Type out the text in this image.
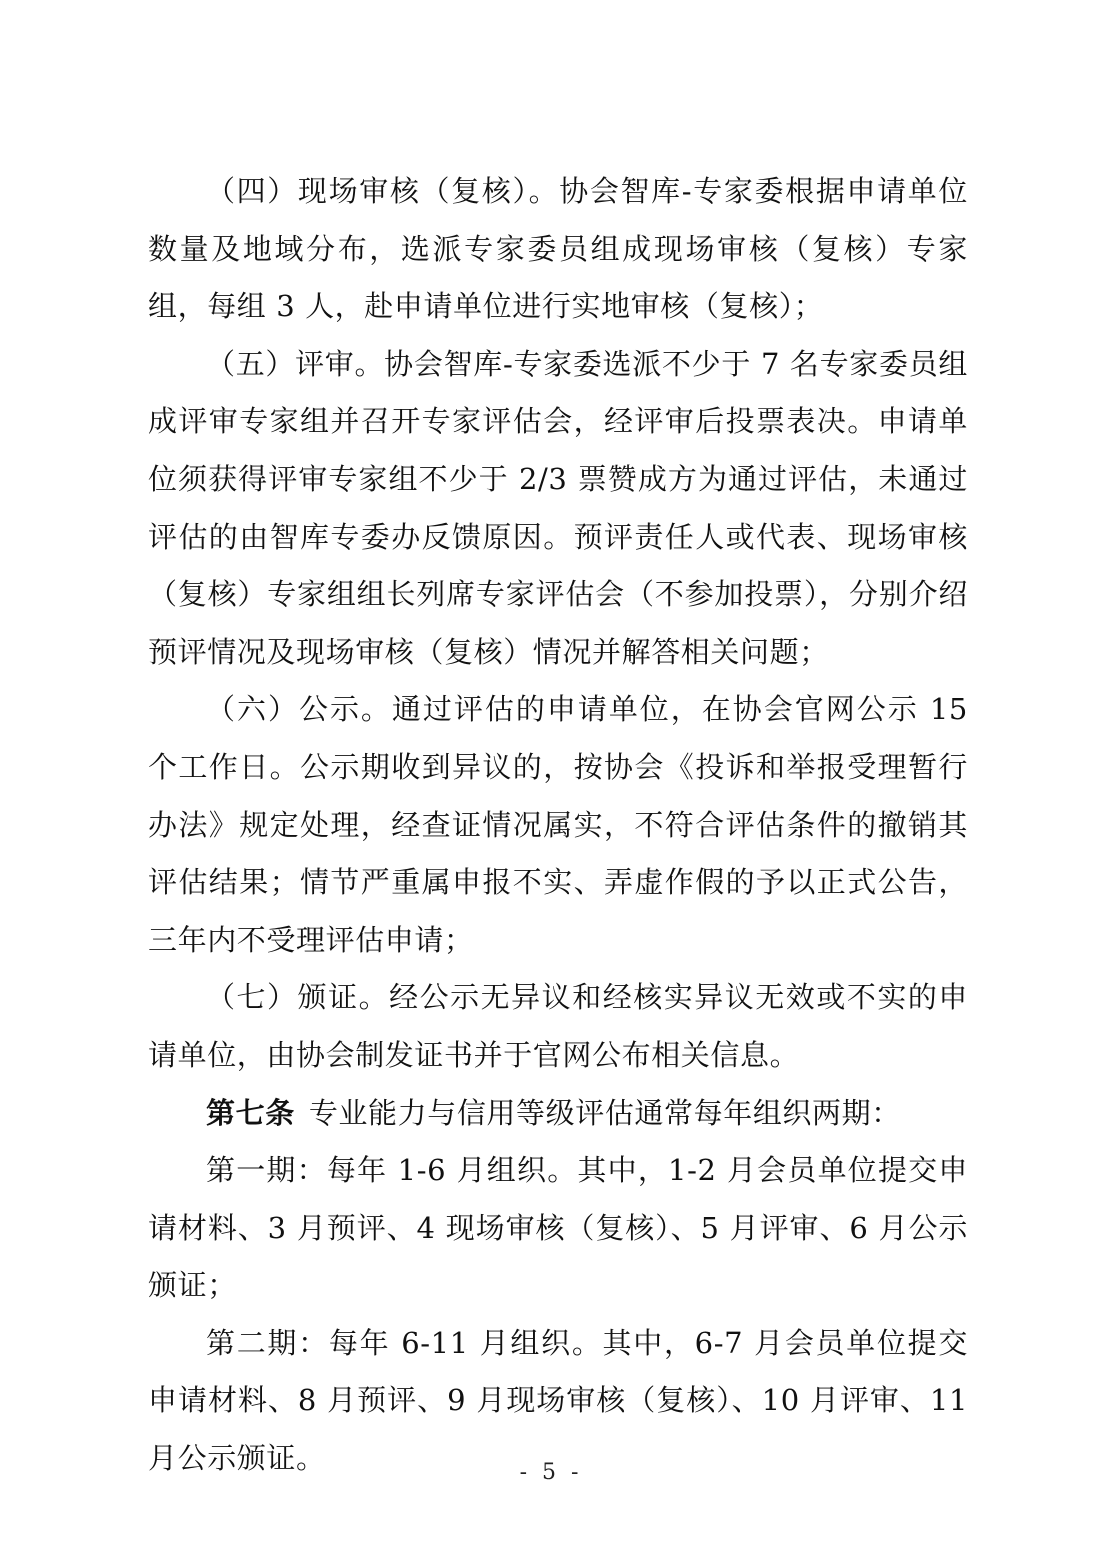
（四）现场审核（复核）。协会智库-专家委根据申请单位数量及地域分布，选派专家委员组成现场审核（复核）专家组，每组 3 人，赴申请单位进行实地审核（复核）；

（五）评审。协会智库-专家委选派不少于 7 名专家委员组成评审专家组并召开专家评估会，经评审后投票表决。申请单位须获得评审专家组不少于 2/3 票赞成方为通过评估，未通过评估的由智库专委办反馈原因。预评责任人或代表、现场审核（复核）专家组组长列席专家评估会（不参加投票），分别介绍预评情况及现场审核（复核）情况并解答相关问题；

（六）公示。通过评估的申请单位，在协会官网公示 15 个工作日。公示期收到异议的，按协会《投诉和举报受理暂行办法》规定处理，经查证情况属实，不符合评估条件的撤销其评估结果；情节严重属申报不实、弄虚作假的予以正式公告，三年内不受理评估申请；

（七）颁证。经公示无异议和经核实异议无效或不实的申请单位，由协会制发证书并于官网公布相关信息。

第七条 专业能力与信用等级评估通常每年组织两期：

第一期：每年 1-6 月组织。其中，1-2 月会员单位提交申请材料、3 月预评、4 现场审核（复核）、5 月评审、6 月公示颁证；

第二期：每年 6-11 月组织。其中，6-7 月会员单位提交申请材料、8 月预评、9 月现场审核（复核）、10 月评审、11 月公示颁证。	- 5 -
